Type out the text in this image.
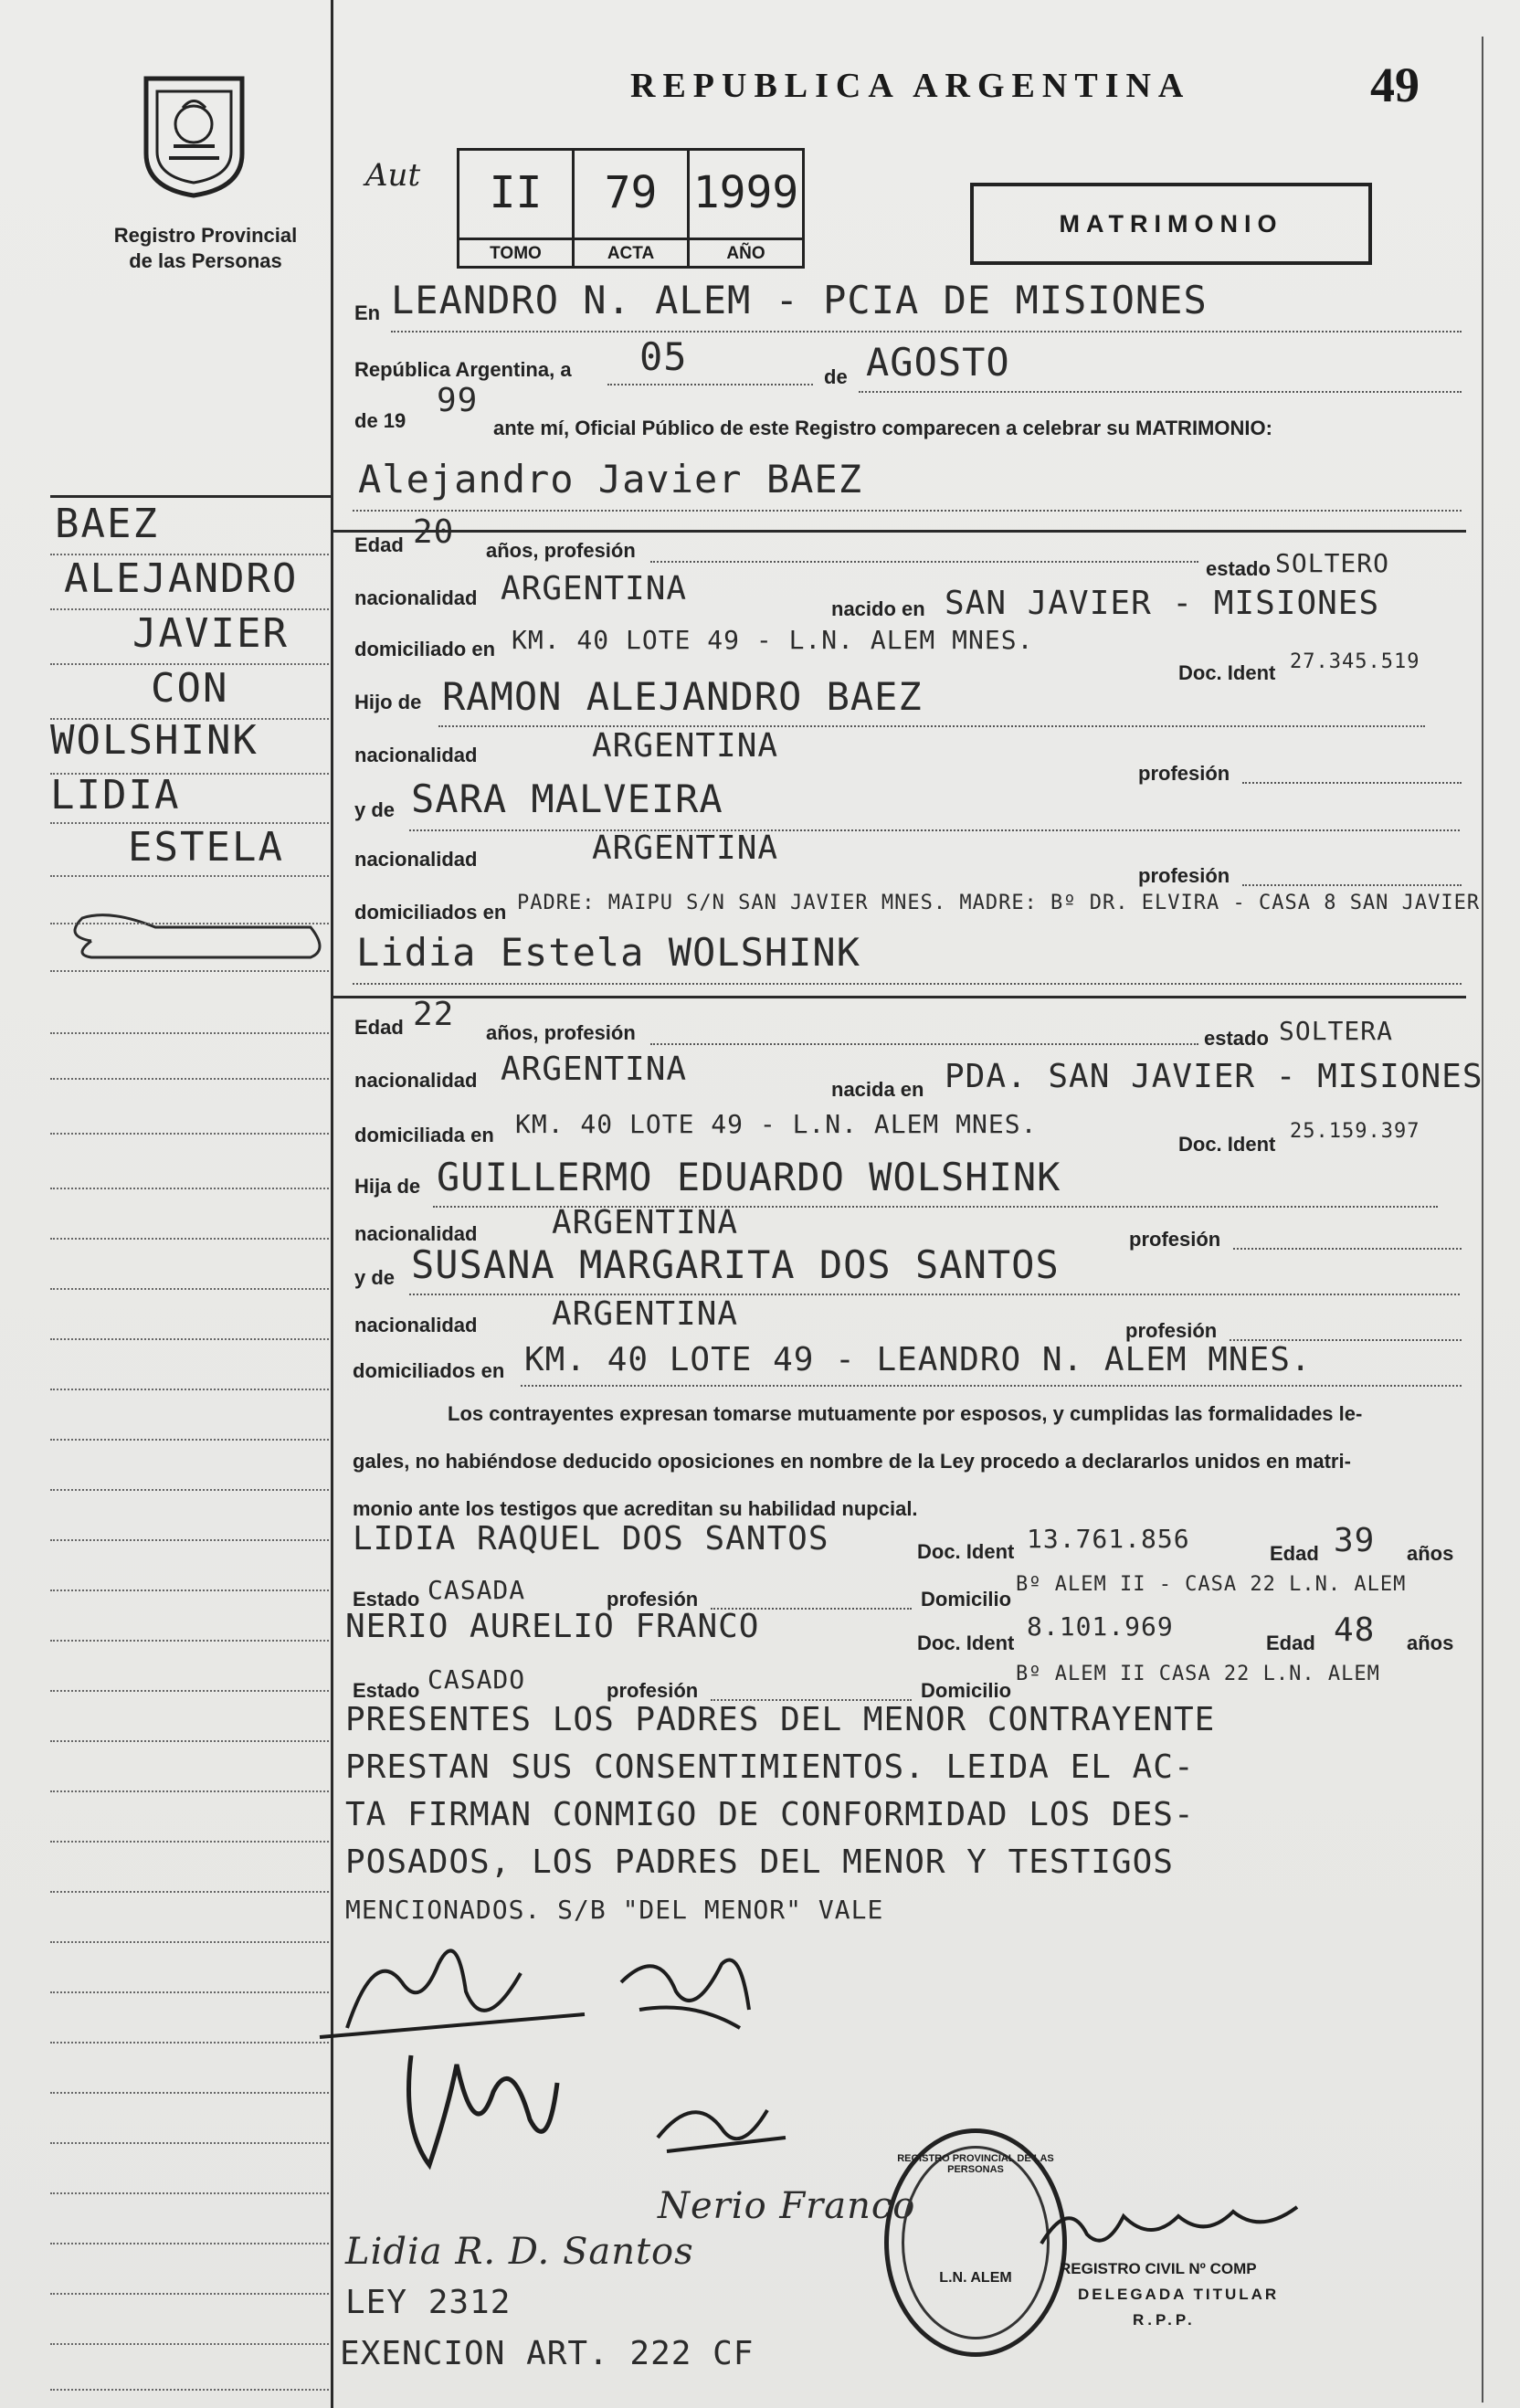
Registro Provincial
de las Personas
BAEZ
ALEJANDRO
JAVIER
CON
WOLSHINK
LIDIA
ESTELA
REPUBLICA ARGENTINA	49
Aut	II
TOMO
79
ACTA
1999
AÑO
MATRIMONIO
En LEANDRO N. ALEM - PCIA DE MISIONES
República Argentina, a 05	de AGOSTO
de 19
99
ante mí, Oficial Público de este Registro comparecen a celebrar su MATRIMONIO:
Alejandro Javier BAEZ
Edad 20 años, profesión
estado SOLTERO
nacionalidad ARGENTINA
nacido en SAN JAVIER - MISIONES
domiciliado en KM. 40 LOTE 49 - L.N. ALEM MNES.
Doc. Ident 27.345.519
Hijo de RAMON ALEJANDRO BAEZ
nacionalidad	ARGENTINA
profesión
y de SARA MALVEIRA
nacionalidad	ARGENTINA
profesión
domiciliados en PADRE: MAIPU S/N SAN JAVIER MNES. MADRE: Bº DR. ELVIRA - CASA 8 SAN JAVIER
Lidia Estela WOLSHINK
Edad 22 años, profesión	estado SOLTERA
nacionalidad ARGENTINA
nacida en PDA. SAN JAVIER - MISIONES
domiciliada en KM. 40 LOTE 49 - L.N. ALEM MNES.
Doc. Ident
25.159.397
Hija de GUILLERMO EDUARDO WOLSHINK
nacionalidad ARGENTINA	profesión
y de SUSANA MARGARITA DOS SANTOS
nacionalidad ARGENTINA	profesión
domiciliados en KM. 40 LOTE 49 - LEANDRO N. ALEM MNES.
Los contrayentes expresan tomarse mutuamente por esposos, y cumplidas las formalidades le-
gales, no habiéndose deducido oposiciones en nombre de la Ley procedo a declararlos unidos en matri-
monio ante los testigos que acreditan su habilidad nupcial.
LIDIA RAQUEL DOS SANTOS	Doc. Ident 13.761.856	Edad 39 años
Estado CASADA	profesión	Domicilio
Bº ALEM II - CASA 22 L.N. ALEM
NERIO AURELIO FRANCO	Doc. Ident
8.101.969
Edad 48 años
Estado CASADO	profesión	Domicilio
Bº ALEM II CASA 22 L.N. ALEM
PRESENTES LOS PADRES DEL MENOR CONTRAYENTE
PRESTAN SUS CONSENTIMIENTOS. LEIDA EL AC-
TA FIRMAN CONMIGO DE CONFORMIDAD LOS DES-
POSADOS, LOS PADRES DEL MENOR Y TESTIGOS
MENCIONADOS. S/B "DEL MENOR" VALE
Nerio Franco
Lidia R. D. Santos
LEY 2312
EXENCION ART. 222 CF
REGISTRO PROVINCIAL DE LAS PERSONAS
L.N. ALEM
REGISTRO CIVIL Nº COMP
DELEGADA TITULAR
R.P.P.
